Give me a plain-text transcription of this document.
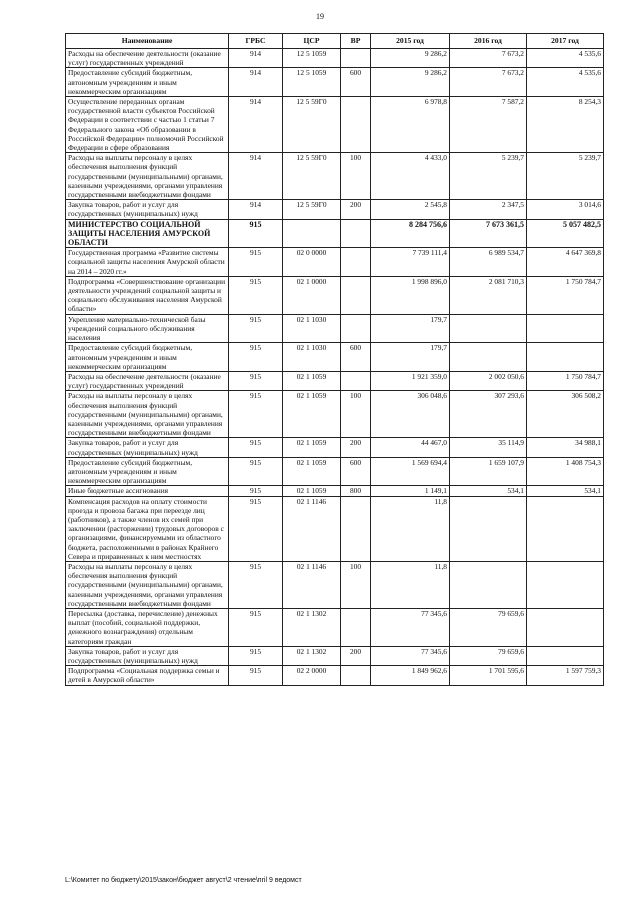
19
Наименование	ГРБС	ЦСР	ВР	2015 год	2016 год	2017 год
Расходы на обеспечение деятельности (оказание услуг) государственных учреждений	914	12 5 1059		9 286,2	7 673,2	4 535,6
Предоставление субсидий бюджетным, автономным учреждениям и иным некоммерческим организациям	914	12 5 1059	600	9 286,2	7 673,2	4 535,6
Осуществление переданных органам государственной власти субъектов Российской Федерации в соответствии с частью 1 статьи 7 Федерального закона «Об образовании в Российской Федерации» полномочий Российской Федерации в сфере образования	914	12 5 59Г0		6 978,8	7 587,2	8 254,3
Расходы на выплаты персоналу в целях обеспечения выполнения функций государственными (муниципальными) органами, казенными учреждениями, органами управления государственными внебюджетными фондами	914	12 5 59Г0	100	4 433,0	5 239,7	5 239,7
Закупка товаров, работ и услуг для государственных (муниципальных) нужд	914	12 5 59Г0	200	2 545,8	2 347,5	3 014,6
МИНИСТЕРСТВО СОЦИАЛЬНОЙ ЗАЩИТЫ НАСЕЛЕНИЯ АМУРСКОЙ ОБЛАСТИ	915			8 284 756,6	7 673 361,5	5 057 482,5
Государственная программа «Развитие системы социальной защиты населения Амурской области на 2014 – 2020 гг.»	915	02 0 0000		7 739 111,4	6 989 534,7	4 647 369,8
Подпрограмма «Совершенствование организации деятельности учреждений социальной защиты и социального обслуживания населения Амурской области»	915	02 1 0000		1 998 896,0	2 081 710,3	1 750 784,7
Укрепление материально-технической базы учреждений социального обслуживания населения	915	02 1 1030		179,7		
Предоставление субсидий бюджетным, автономным учреждениям и иным некоммерческим организациям	915	02 1 1030	600	179,7		
Расходы на обеспечение деятельности (оказание услуг) государственных учреждений	915	02 1 1059		1 921 359,0	2 002 050,6	1 750 784,7
Расходы на выплаты персоналу в целях обеспечения выполнения функций государственными (муниципальными) органами, казенными учреждениями, органами управления государственными внебюджетными фондами	915	02 1 1059	100	306 048,6	307 293,6	306 508,2
Закупка товаров, работ и услуг для государственных (муниципальных) нужд	915	02 1 1059	200	44 467,0	35 114,9	34 988,1
Предоставление субсидий бюджетным, автономным учреждениям и иным некоммерческим организациям	915	02 1 1059	600	1 569 694,4	1 659 107,9	1 408 754,3
Иные бюджетные ассигнования	915	02 1 1059	800	1 149,1	534,1	534,1
Компенсация расходов на оплату стоимости проезда и провоза багажа при переезде лиц (работников), а также членов их семей при заключении (расторжении) трудовых договоров с организациями, финансируемыми из областного бюджета, расположенными в районах Крайнего Севера и приравненных к ним местностях	915	02 1 1146		11,8		
Расходы на выплаты персоналу в целях обеспечения выполнения функций государственными (муниципальными) органами, казенными учреждениями, органами управления государственными внебюджетными фондами	915	02 1 1146	100	11,8		
Пересылка (доставка, перечисление) денежных выплат (пособий, социальной поддержки, денежного вознаграждения) отдельным категориям граждан	915	02 1 1302		77 345,6	79 659,6	
Закупка товаров, работ и услуг для государственных (муниципальных) нужд	915	02 1 1302	200	77 345,6	79 659,6	
Подпрограмма «Социальная поддержка семьи и детей в Амурской области»	915	02 2 0000		1 849 962,6	1 701 595,6	1 597 759,3
L:\Комитет по бюджету\2015\закон\бюджет август\2 чтение\пril 9 ведомст
